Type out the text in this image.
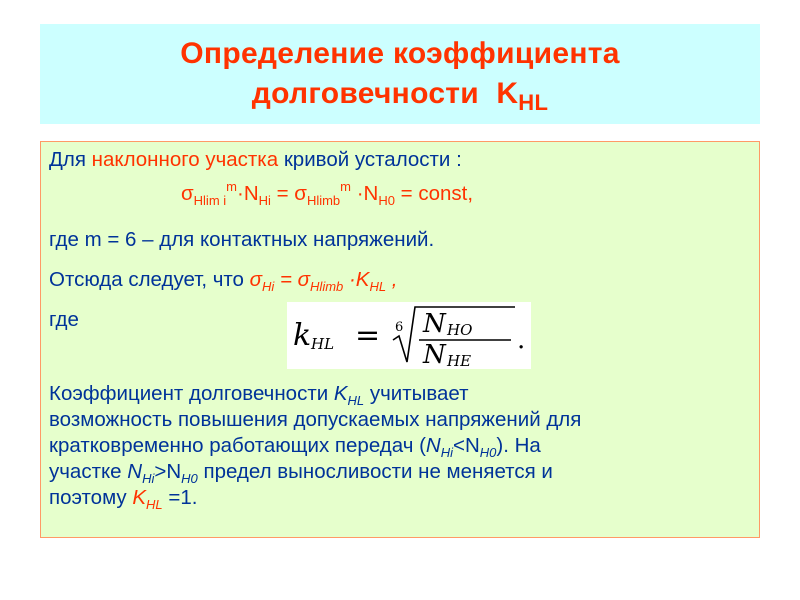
Определение коэффициента
долговечности $K_{HL}$
Для наклонного участка кривой усталости :
$\sigma_{Hlim i}^m\cdot N_{Hi} = \sigma_{Hlimb}^m \cdot N_{H0}$ = const,
где m = 6 – для контактных напряжений.
Отсюда следует, что $\sigma_{Hi} = \sigma_{Hlimb} \cdot K_{HL}$ ,
где	k HL = 6 N HO
N HE
.
Коэффициент долговечности $K_{HL}$ учитывает
возможность повышения допускаемых напряжений для
кратковременно работающих передач $(N_{Hi}<N_{H0})$. На
участке $N_{Hi}>N_{H0}$ предел выносливости не меняется и
поэтому $K_{HL} =1$.
